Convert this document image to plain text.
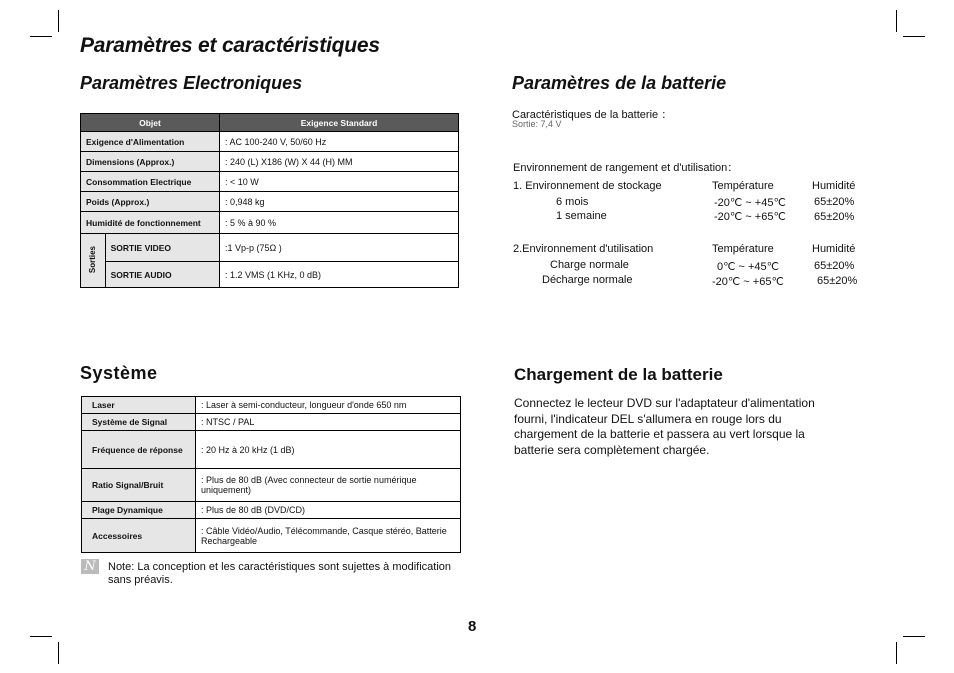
Paramètres et caractéristiques
Paramètres Electroniques
Objet		Exigence Standard
Exigence d'Alimentation		: AC 100-240 V, 50/60 Hz
Dimensions (Approx.)		: 240 (L) X186 (W) X 44 (H) MM
Consommation Electrique		: < 10 W
Poids (Approx.)		: 0,948 kg
Humidité de fonctionnement		: 5 % à 90 %
Sorties	SORTIE VIDEO	:1 Vp-p (75Ω )
	SORTIE AUDIO	: 1.2 VMS (1 KHz, 0 dB)
Paramètres de la batterie
Caractéristiques de la batterie ：
Sortie: 7,4 V
Environnement de rangement et d'utilisation：
1. Environnement de stockage	Température	Humidité
6 mois	-20℃ ~ +45℃	65±20%
1 semaine	-20℃ ~ +65℃	65±20%
2.Environnement d'utilisation	Température	Humidité
Charge normale	0℃ ~ +45℃	65±20%
Décharge normale	-20℃ ~ +65℃	65±20%
Système
Laser	: Laser à semi-conducteur, longueur d'onde 650 nm
Système de Signal	: NTSC / PAL
Fréquence de réponse	: 20 Hz à 20 kHz (1 dB)
Ratio Signal/Bruit	: Plus de 80 dB (Avec connecteur de sortie numérique uniquement)
Plage Dynamique	: Plus de 80 dB (DVD/CD)
Accessoires	: Câble Vidéo/Audio, Télécommande, Casque stéréo, Batterie Rechargeable
N	Note: La conception et les caractéristiques sont sujettes à modification sans préavis.
Chargement de la batterie
Connectez le lecteur DVD sur l'adaptateur d'alimentation fourni, l'indicateur DEL s'allumera en rouge lors du chargement de la batterie et passera au vert lorsque la batterie sera complètement chargée.
8
